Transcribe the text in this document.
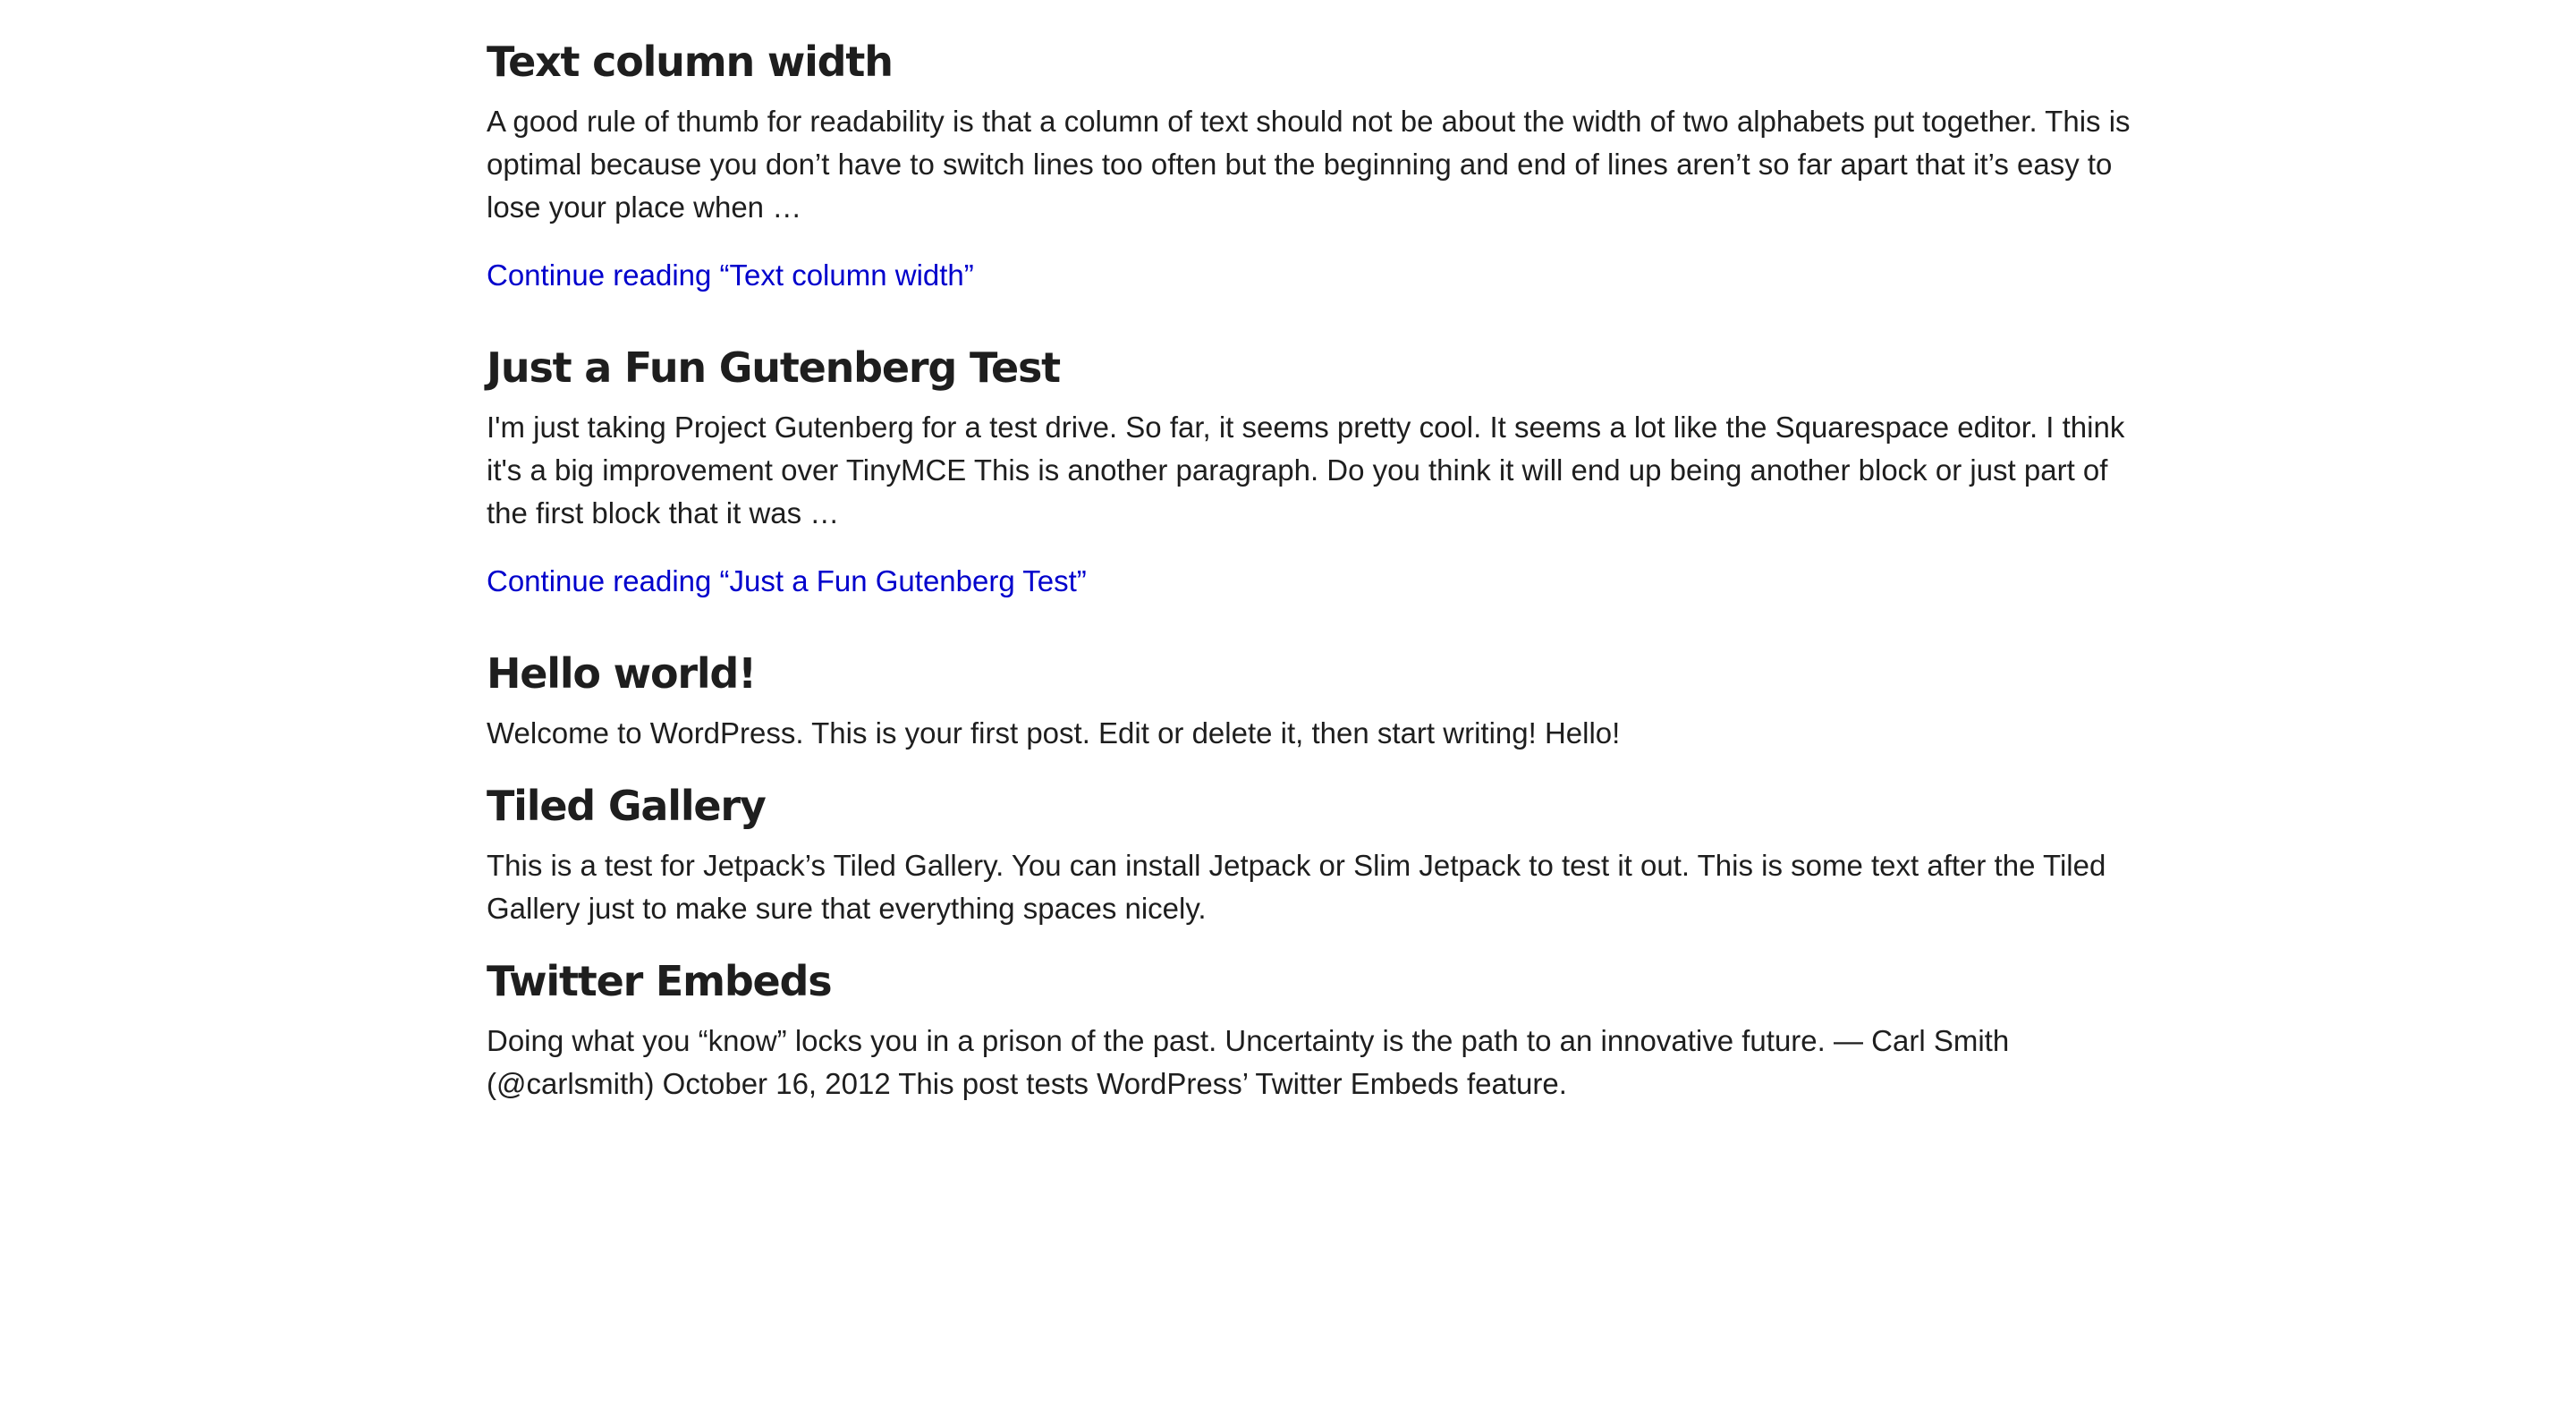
Text column width

A good rule of thumb for readability is that a column of text should not be about the width of two alphabets put together. This is optimal because you don’t have to switch lines too often but the beginning and end of lines aren’t so far apart that it’s easy to lose your place when …

Continue reading “Text column width”
Just a Fun Gutenberg Test

I'm just taking Project Gutenberg for a test drive. So far, it seems pretty cool. It seems a lot like the Squarespace editor. I think it's a big improvement over TinyMCE This is another paragraph. Do you think it will end up being another block or just part of the first block that it was …

Continue reading “Just a Fun Gutenberg Test”
Hello world!

Welcome to WordPress. This is your first post. Edit or delete it, then start writing! Hello!

Tiled Gallery

This is a test for Jetpack’s Tiled Gallery. You can install Jetpack or Slim Jetpack to test it out. This is some text after the Tiled Gallery just to make sure that everything spaces nicely.

Twitter Embeds

Doing what you “know” locks you in a prison of the past. Uncertainty is the path to an innovative future. — Carl Smith (@carlsmith) October 16, 2012 This post tests WordPress’ Twitter Embeds feature.
